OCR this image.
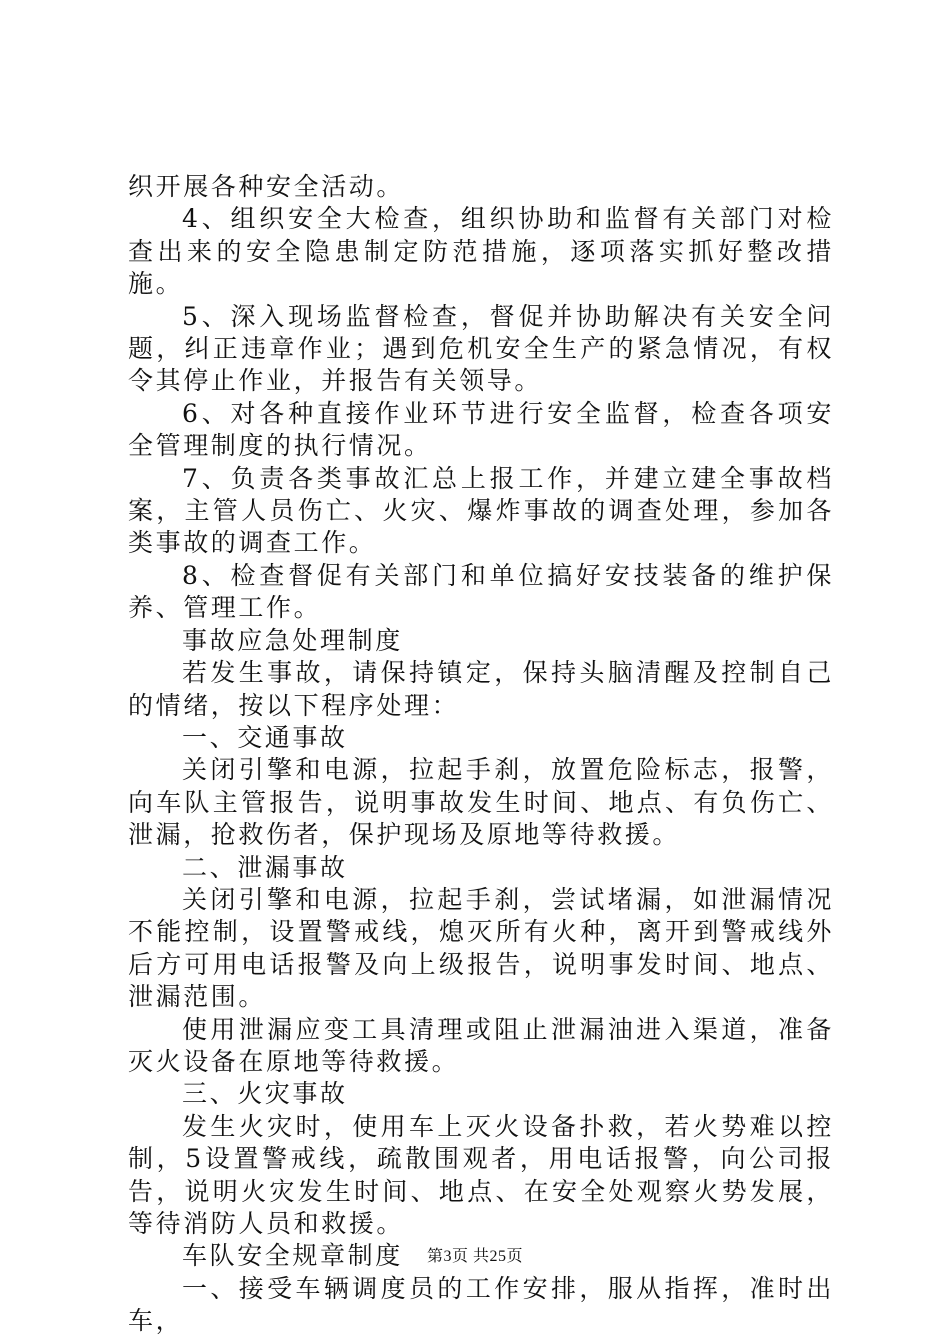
织开展各种安全活动。

4、组织安全大检查，组织协助和监督有关部门对检查出来的安全隐患制定防范措施，逐项落实抓好整改措施。

5、深入现场监督检查，督促并协助解决有关安全问题，纠正违章作业；遇到危机安全生产的紧急情况，有权令其停止作业，并报告有关领导。

6、对各种直接作业环节进行安全监督，检查各项安全管理制度的执行情况。

7、负责各类事故汇总上报工作，并建立建全事故档案，主管人员伤亡、火灾、爆炸事故的调查处理，参加各类事故的调查工作。

8、检查督促有关部门和单位搞好安技装备的维护保养、管理工作。

事故应急处理制度

若发生事故，请保持镇定，保持头脑清醒及控制自己的情绪，按以下程序处理：

一、交通事故

关闭引擎和电源，拉起手刹，放置危险标志，报警，向车队主管报告，说明事故发生时间、地点、有负伤亡、泄漏，抢救伤者，保护现场及原地等待救援。

二、泄漏事故

关闭引擎和电源，拉起手刹，尝试堵漏，如泄漏情况不能控制，设置警戒线，熄灭所有火种，离开到警戒线外后方可用电话报警及向上级报告，说明事发时间、地点、泄漏范围。

使用泄漏应变工具清理或阻止泄漏油进入渠道，准备灭火设备在原地等待救援。

三、火灾事故

发生火灾时，使用车上灭火设备扑救，若火势难以控制，5设置警戒线，疏散围观者，用电话报警，向公司报告，说明火灾发生时间、地点、在安全处观察火势发展，等待消防人员和救援。

车队安全规章制度

一、接受车辆调度员的工作安排，服从指挥，准时出车，

第3页 共25页
